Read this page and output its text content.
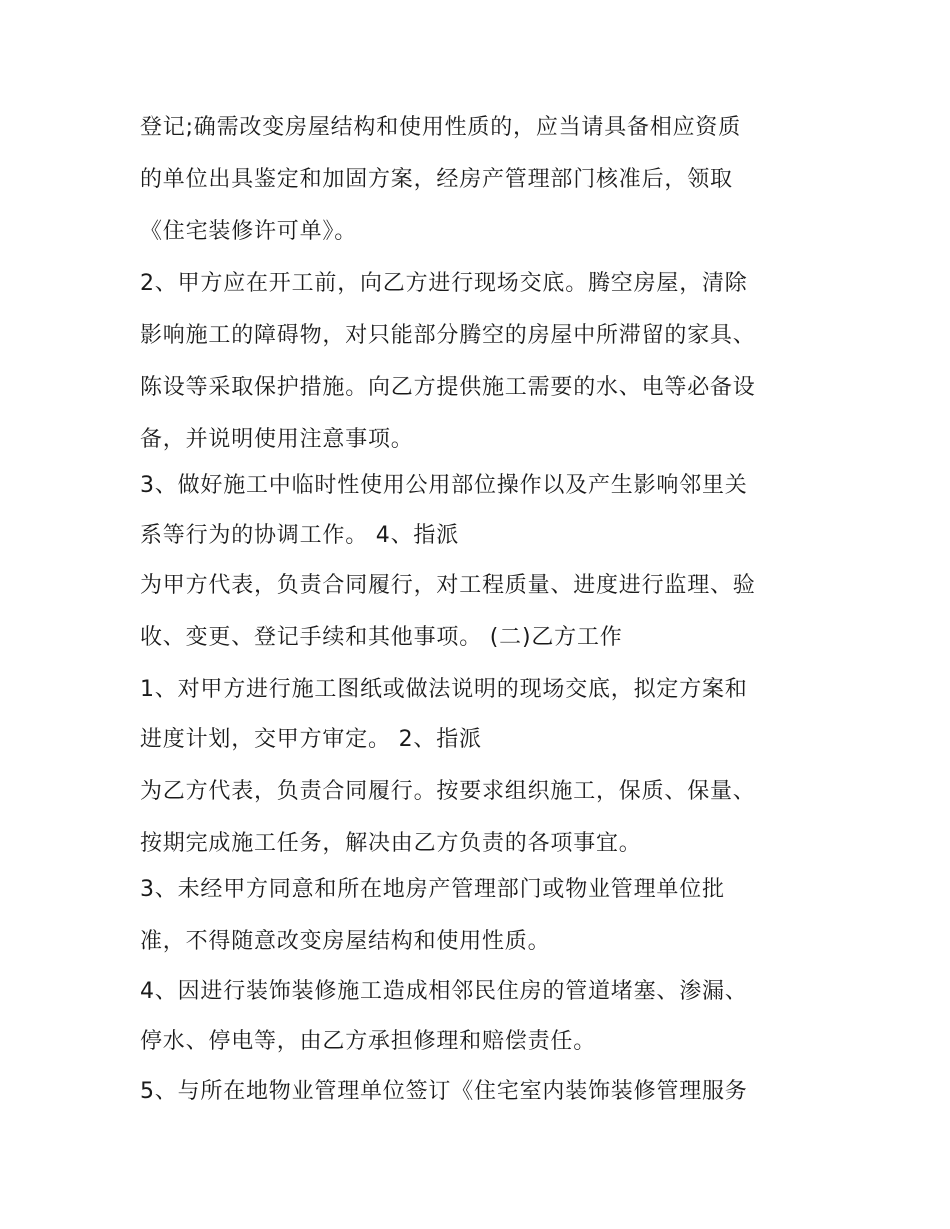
登记;确需改变房屋结构和使用性质的，应当请具备相应资质
的单位出具鉴定和加固方案，经房产管理部门核准后，领取
《住宅装修许可单》。
2、甲方应在开工前，向乙方进行现场交底。腾空房屋，清除
影响施工的障碍物，对只能部分腾空的房屋中所滞留的家具、
陈设等采取保护措施。向乙方提供施工需要的水、电等必备设
备，并说明使用注意事项。
3、做好施工中临时性使用公用部位操作以及产生影响邻里关
系等行为的协调工作。 4、指派
为甲方代表，负责合同履行，对工程质量、进度进行监理、验
收、变更、登记手续和其他事项。 (二)乙方工作
1、对甲方进行施工图纸或做法说明的现场交底，拟定方案和
进度计划，交甲方审定。 2、指派
为乙方代表，负责合同履行。按要求组织施工，保质、保量、
按期完成施工任务，解决由乙方负责的各项事宜。
3、未经甲方同意和所在地房产管理部门或物业管理单位批
准，不得随意改变房屋结构和使用性质。
4、因进行装饰装修施工造成相邻民住房的管道堵塞、渗漏、
停水、停电等，由乙方承担修理和赔偿责任。
5、与所在地物业管理单位签订《住宅室内装饰装修管理服务
